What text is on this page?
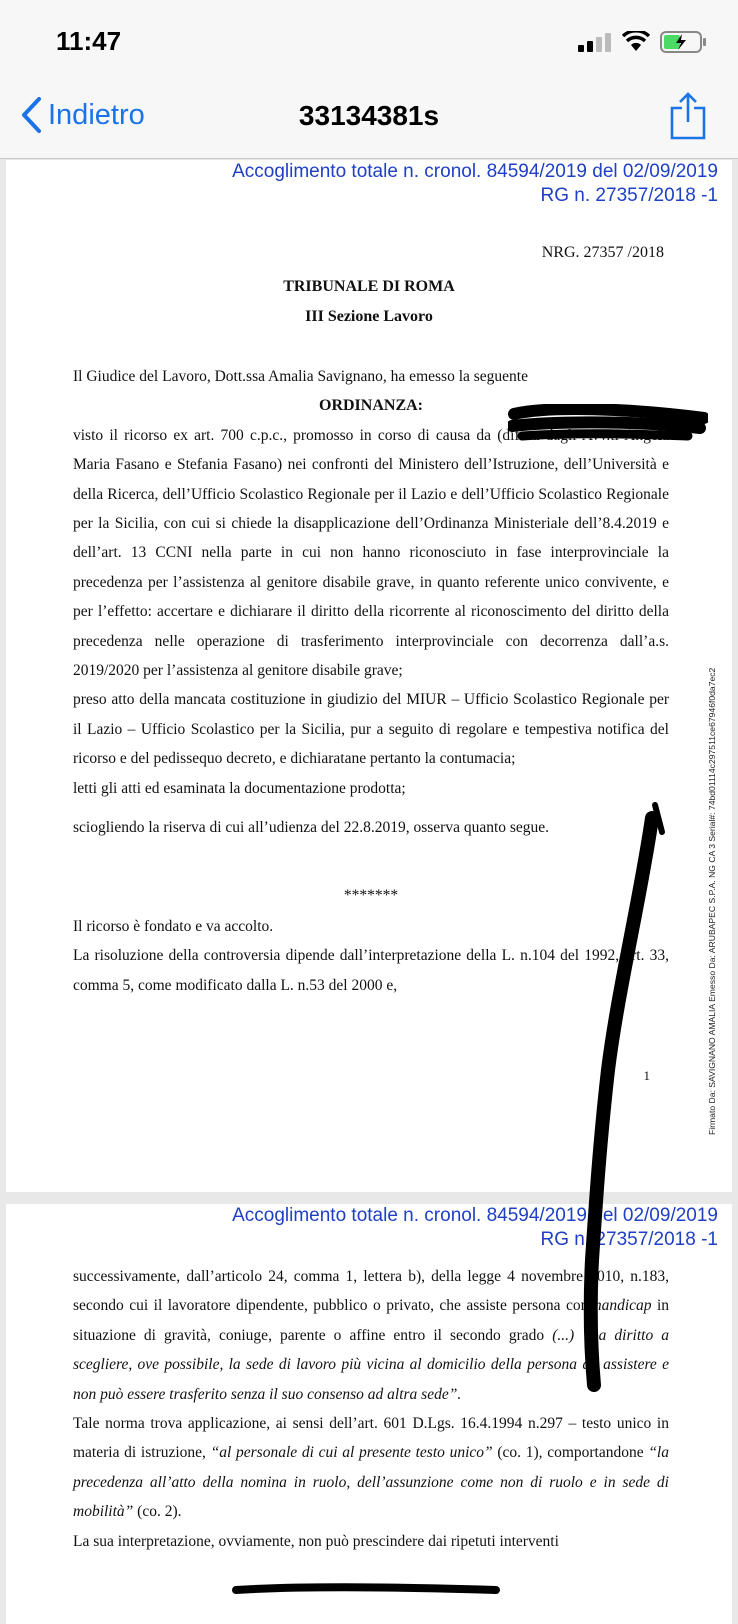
11:47
Indietro	33134381s
Accoglimento totale n. cronol. 84594/2019 del 02/09/2019
RG n. 27357/2018 -1
NRG. 27357 /2018
TRIBUNALE DI ROMA
III Sezione Lavoro

Il Giudice del Lavoro, Dott.ssa Amalia Savignano, ha emesso la seguente

ORDINANZA:

visto il ricorso ex art. 700 c.p.c., promosso in corso di causa da (difesa dagli Avv.ti Angela Maria Fasano e Stefania Fasano) nei confronti del Ministero dell’Istruzione, dell’Università e della Ricerca, dell’Ufficio Scolastico Regionale per il Lazio e dell’Ufficio Scolastico Regionale per la Sicilia, con cui si chiede la disapplicazione dell’Ordinanza Ministeriale dell’8.4.2019 e dell’art. 13 CCNI nella parte in cui non hanno riconosciuto in fase interprovinciale la precedenza per l’assistenza al genitore disabile grave, in quanto referente unico convivente, e per l’effetto: accertare e dichiarare il diritto della ricorrente al riconoscimento del diritto della precedenza nelle operazione di trasferimento interprovinciale con decorrenza dall’a.s. 2019/2020 per l’assistenza al genitore disabile grave;

preso atto della mancata costituzione in giudizio del MIUR – Ufficio Scolastico Regionale per il Lazio – Ufficio Scolastico per la Sicilia, pur a seguito di regolare e tempestiva notifica del ricorso e del pedissequo decreto, e dichiaratane pertanto la contumacia;

letti gli atti ed esaminata la documentazione prodotta;

sciogliendo la riserva di cui all’udienza del 22.8.2019, osserva quanto segue.

*******

Il ricorso è fondato e va accolto.

La risoluzione della controversia dipende dall’interpretazione della L. n.104 del 1992, art. 33, comma 5, come modificato dalla L. n.53 del 2000 e,

1	Firmato Da: SAVIGNANO AMALIA Emesso Da: ARUBAPEC S.P.A. NG CA 3 Serial#: 74bd01114c297511ce67946f0da7ec2
Accoglimento totale n. cronol. 84594/2019 del 02/09/2019
RG n. 27357/2018 -1

successivamente, dall’articolo 24, comma 1, lettera b), della legge 4 novembre 2010, n.183, secondo cui il lavoratore dipendente, pubblico o privato, che assiste persona con handicap in situazione di gravità, coniuge, parente o affine entro il secondo grado (...) “ha diritto a scegliere, ove possibile, la sede di lavoro più vicina al domicilio della persona da assistere e non può essere trasferito senza il suo consenso ad altra sede”.

Tale norma trova applicazione, ai sensi dell’art. 601 D.Lgs. 16.4.1994 n.297 – testo unico in materia di istruzione, “al personale di cui al presente testo unico” (co. 1), comportandone “la precedenza all’atto della nomina in ruolo, dell’assunzione come non di ruolo e in sede di mobilità” (co. 2).

La sua interpretazione, ovviamente, non può prescindere dai ripetuti interventi
